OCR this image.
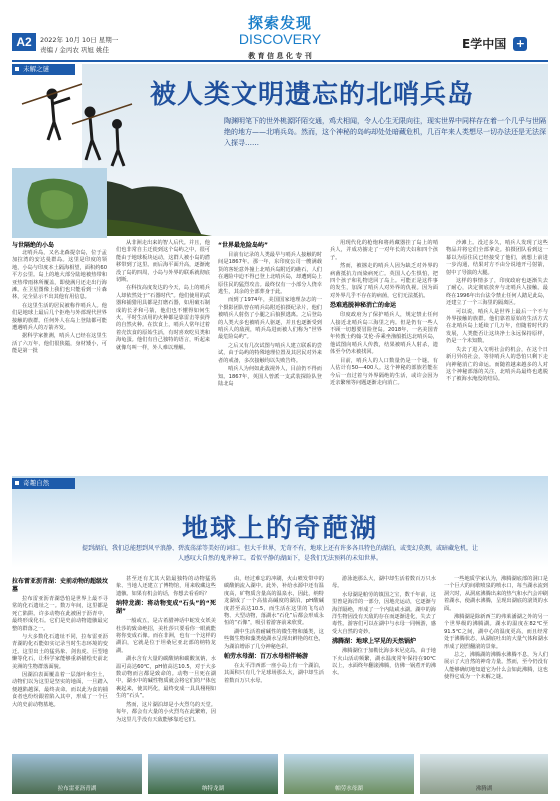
A2	2022年 10月 10日 星期一
责编 / 金丙农 巩旭 姚佳
探索发现
DISCOVERY
教 育 信 息 化 专 刊
E学中国 +
未解之谜
被人类文明遗忘的北哨兵岛
陶渊明笔下的世外桃源阡陌交通，鸡犬相闻，令人心生无限向往，现实世界中同样存在着一个几乎与世隔绝的地方——北哨兵岛。然而，这个神秘的岛屿却处处暗藏危机，几百年来人类想尽一切办法还是无法深入探寻……
与世隔绝的小岛

北哨兵岛，又名北森提奈岛，位于孟加拉湾的安达曼群岛。这里是印度的领地，小岛与印度本土隔海相望，面积约60平方公里。岛上的地大部分陆地被热带和亚热带雨林所覆盖，即使满月还走出行海滩。在卫星图像上我们也只能看到一片森林，完全显示不出其他有用信息。

在这里生活的居民被称作哨兵人。他们是地球上最后几个拒绝与外部现代世界接触的族群。任何外人在岛上登陆都可能遭遇哨兵人的万箭齐发。

据科学家推测，哨兵人已经在这里生活了六万年，他们很狭隘，身材矮小，可能是第一批

从非洲走出来的智人后代。并且，他们也非常自主迁徙到这个岛屿之中，很可能由于地球板块运动，这群人被小岛的潜移带到了这里。而后海平面升高，逐渐淹没了岛的四周，小岛与外界的联系就彻底切断。

在科技高度发达的今天，岛上的哨兵人却依然处于“石器时代”。他们使用的武器和捕猎用具都是打磨石器，如用破石制成的长矛和弓箭，他们也不懂得如何生火，平时生活用的火种都是靠雷击等获得的自然火种。在饮食上，哨兵人常年过着着壳饮食的原始生活，有时喜欢吃贝类和海龟蛋。他们有自己独特的语言，听起来就像鸟叫一样，外人难以理解。

“世界最危险岛屿”

目前有记录的人类最早与哨兵人接触的时间是1867年。那一年，东印度公司一艘满载货的客轮意外撞上北哨兵岛附近的礁石，人们在遇险中迫不得已登上北哨兵岛，却遭到岛上原住民的猛烈攻击。最终仅有一小部分人侥幸逃生，其余的全部葬身于此。

而到了1974年，美国国家地理杂志的一个摄影团队曾在哨兵岛附近拍摄纪录片，他们被哨兵人射伤了小腿之后狼狈逃离。之后登岛的人类大多也被哨兵人驱逐，并且也逐渐受到哨兵人的敌视，哨兵岛进而被人们称为“世界最危险岛屿”。

之后又有几次试图与哨兵人建立联系的尝试，由于岛屿的特殊地理位置及其居民对外来者的戒备，多次接触均以失败告终。

哨兵人为何如此敌视外人，目前仍不得而知。1867年，英国人曾派一支武装探险队登陆北岛

用现代化的枪炮和将药藏器挂了岛上的哨兵人，并成功掳走了一对年长的夫妇和四个孩子。

然而，被掳走的哨兵人因为缺乏对外界的病菌抵抗力而染病死亡。英国人心生惧怕，把四个孩子和礼物送回了岛上。可能正是这件事的发生，加深了哨兵人对外界的仇视。因为面对外界几乎不存在的病菌，它们无法抵抗。

恐难逃脱神秘消亡的命运

印度政府为了保护哨兵人，规定禁止任何人接近北哨兵岛三海里之内。但是仍有一些人不顾一切想要冒险登岛。2018年，一名美国青年传教士约翰·艾伦·乔乘坐渔船抵达北哨兵岛，他试图向哨兵人传教，结果被哨兵人射杀，遗体至今仍未被找回。

目前，哨兵人的人口数量仍是一个谜。有人估计有50—400人。这个神秘的部族若能在今后一直过着与外界隔绝的生活，或许会因为近亲繁殖等问题逐渐走向消亡。

沙滩上。没过多久，哨兵人发现了这些物品并将它们全部拿走。拍摄团队看到这一幕以为原住民已经接受了他们，就想上前进一步沟通，结果对方不由分说地开弓射箭，射中了导演的大腿。

这样的事情多了，印度政府也逐渐失去了耐心，决定彻底放弃与北哨兵人接触。最终在1996年出台法令禁止任何人踏足此岛，还建立了一个三海里的隔离区。

可以说，哨兵人是世界上最后一个不与外界接触的族群。他们靠着原始的生活方式在北哨兵岛上延续了几万年，但随着时代的发展，人类能否让这块净土永远保持原样，仍是一个未知数。

失去了进入文明社会的机会，在这个日新月异的社会，等待哨兵人的恐怕只剩下走向神秘消亡的命运。而随着越来越多的人对这个神秘部落的关注，北哨兵岛最终也逃脱不了被海水淹没的结局。

奇趣自然
地球上的奇葩湖
提到湖泊，我们总能想到风平浪静、碧波荡漾等美好的词汇。但大千世界，无奇不有，地球上还有许多各具特色的湖泊，或变幻莫测，或暗藏危机，让人感叹大自然的鬼斧神工。看似平静的湖面下，是我们无法预料的未知世界。
拉布雷亚沥青湖：史前动物的超级坟墓

拉布雷亚沥青湖恐怕是世界上最不寻常的化石遗址之一。数万年间，这里都是死亡陷阱。许多动物在此被困于沥青中，最终形成化石。它们是史前动物遗骸最完整的群落之一。

与大多数化石遗址不同，拉布雷亚沥青湖的化石能如实记录当时生态环境的变迁。这里出土的猛犸象、剑齿虎、巨型地懒等化石，让科学家能够重新描绘史前北美洲的生物群落面貌。

因湖泊表面覆盖着一层落叶和尘土，动物们以为这里是坚实的地面，一旦踏入便越陷越深，最终丧命。而以此为食的捕食者也纷纷跟着陷入其中，形成了一个巨大的史前动物墓地。

甚至还有尤其大陆最独特的动物猛犸象、当地人还建立了博物馆，用来收藏这些遗骸。如果有机会的话，你想去看看吗？

纳特龙湖：将动物变成“石头”的“死湖”

一般或五，是古希腊神话中蛇发女妖美杜莎的致命绝招，美杜莎只要看你一眼就能将你变成石像。而在非洲，也有一个这样的湖泊，它就是位于坦桑尼亚北部的纳特龙湖。

湖水含有大量的碳酸钠和碳酸氢钠，水温可高达60℃，pH值高达10.5，对于大多数动物而言都是致命的。动物一旦死在湖中，湖水中的碱性物质就会将它们的尸体包裹起来，使其钙化，最终变成一具具栩栩如生的“石头”。

然而，这片湖泊却是小火烈鸟的天堂。每年，都会有大量的小火烈鸟在此繁殖，因为这里几乎没有天敌能够靠近它们。

由，经过难忘的冲刷，火山喷发带中的碳酸钠流入湖中。此外，补给水源中还有温度高，矿物质含量高的温泉水，因此，纳特龙湖成了一个高盐高碱度的湖泊，pH酸碱度甚至高达10.5，而生活在这里的飞鸟动物、大型动物，落湖水“石化”后都会形成永恒的“石像”，吸引着游客前来欣赏。

湖中生活着耐碱性的微生物和藻类，这些微生物和藻类使湖水呈现出鲜艳的红色，为湖泊增添了几分神秘色彩。

帕劳水母湖：百万水母相伴畅游

在太平洋西部一座小岛上有一个湖泊，其面积只有几个足球场那么大，湖中却生活着数百万只水母。

游泳池那么大，湖中却生活着数百万只水母。

水母湖是帕劳的镇国之宝，数千年前，这里曾是海洋的一部分，因地壳运动，它逐渐与海洋隔绝，形成了一个内陆咸水湖。湖中的海洋生物因没有天敌的存在而逐渐进化，失去了毒性。游客们可以在湖中与水母一同畅游，感受大自然的奇妙。

沸腾湖：地球上罕见的天然锅炉

沸腾湖位于加勒比海多米尼克岛，由于地下火山活动频繁，湖水温度常年保持在90℃以上，水面终年翻滚沸腾，仿佛一锅煮开的沸水。

一些地质学家认为，沸腾湖底部的洞口是一个巨大的间歇喷泉的喷水口，每当湖水流到洞穴时，从洞底沸腾出来的热气和水汽会冲刷着湖水，使湖水沸腾，呈现出湖底的滚烫的水面。

沸腾湖是除新西兰的弗莱潘湖之外的另一个世界级的沸腾湖。湖水的温度在82℃至91.5℃之间，湖中心的温度更高，而且经常处于沸腾状态，从湖底吐出的大量气体和湖水形成了剧烈翻滚的景象。

总之，沸腾湖的沸腾水沸腾不息，为人们展示了大自然的神奇力量。然而，至今仍没有人能够确切地知道它为什么会如此沸腾，这也使得它成为一个未解之谜。

拉布雷亚沥青湖	纳特龙湖	帕劳水母湖	沸腾湖
